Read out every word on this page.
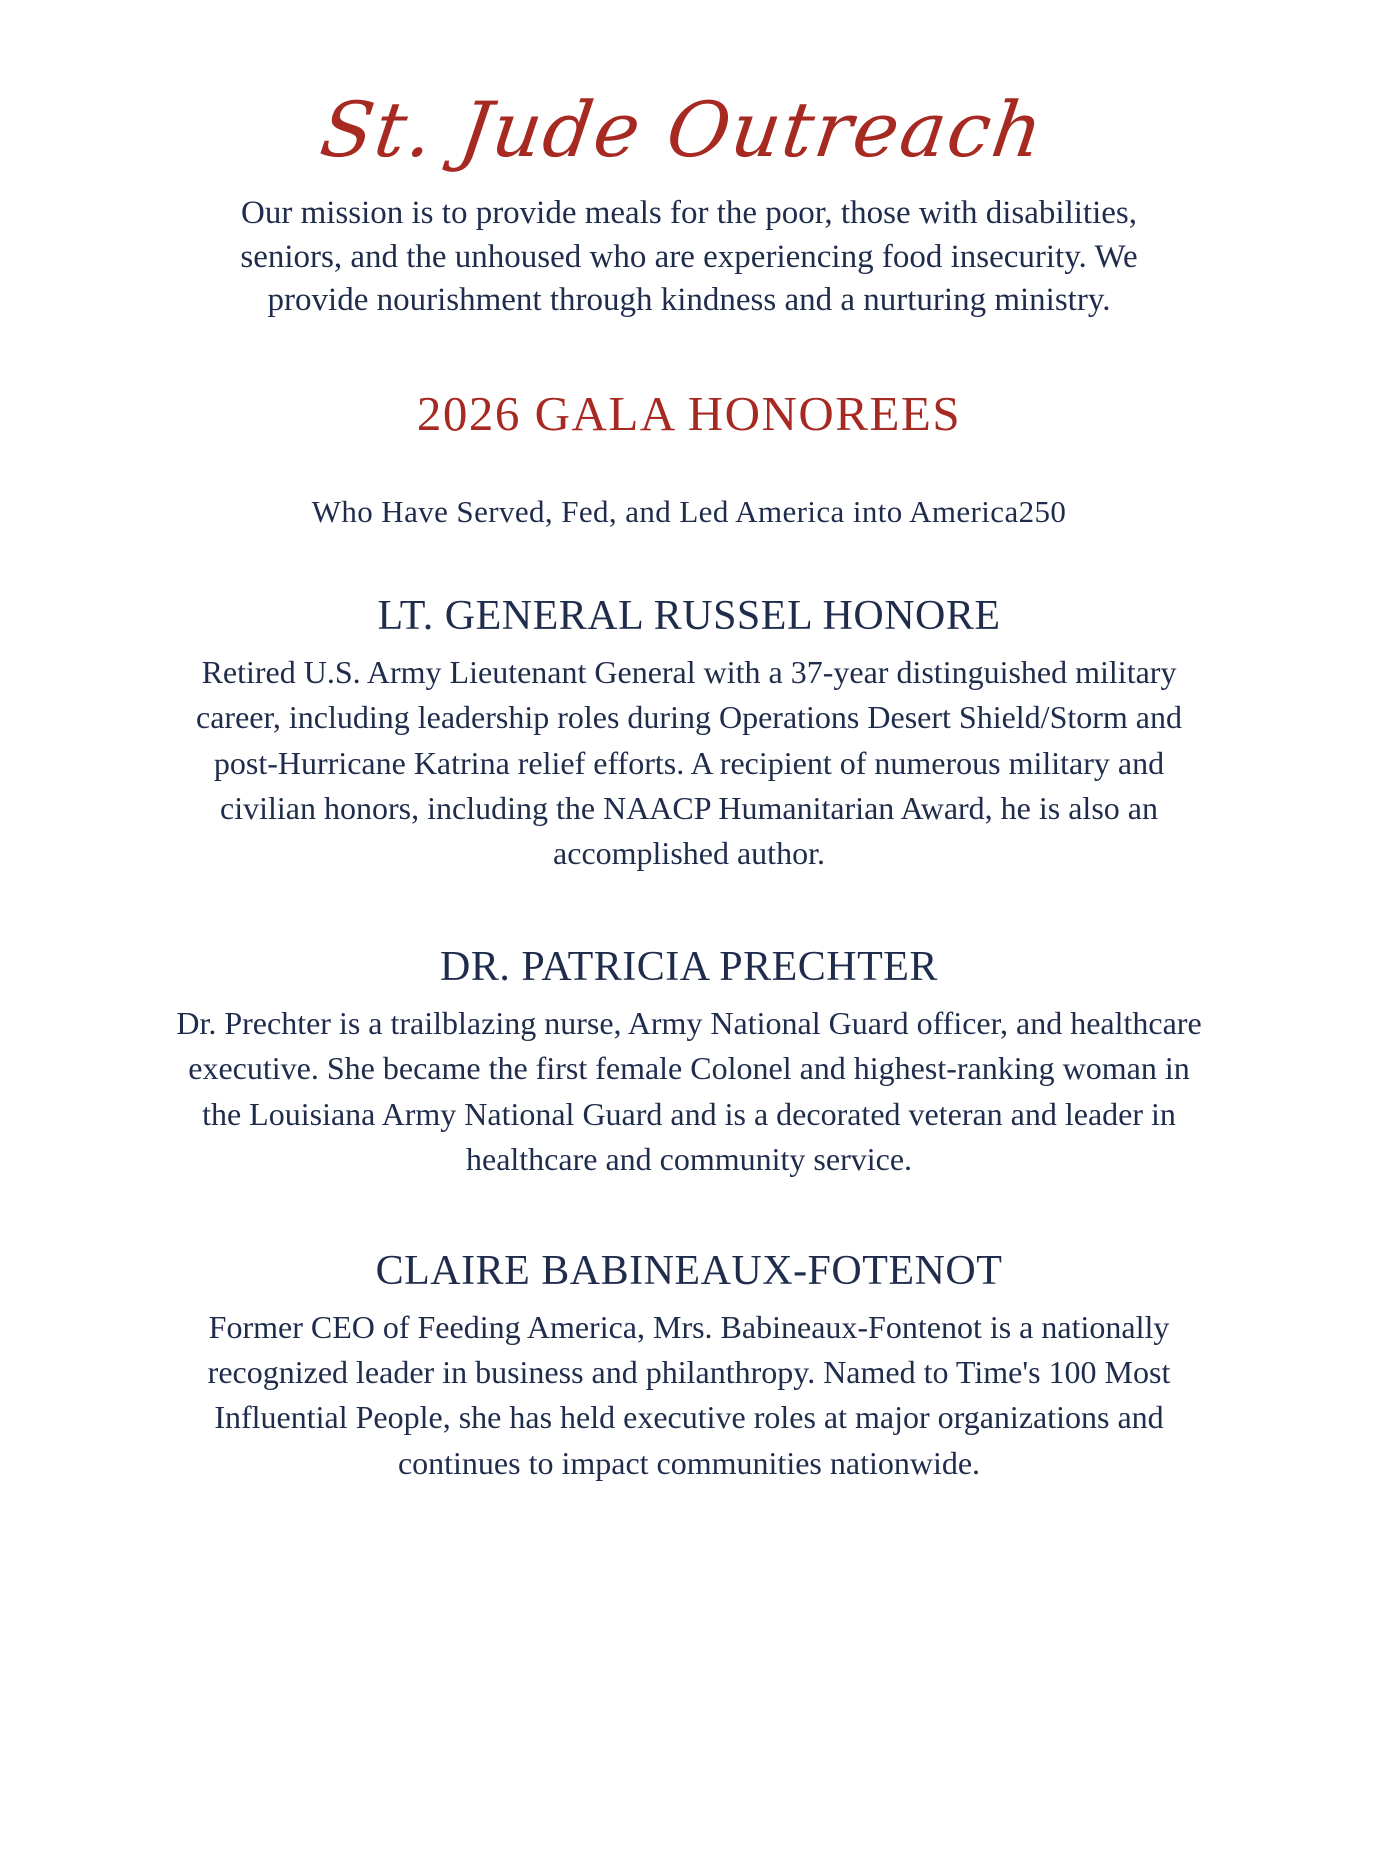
St. Jude Outreach

Our mission is to provide meals for the poor, those with disabilities, seniors, and the unhoused who are experiencing food insecurity. We provide nourishment through kindness and a nurturing ministry.

2026 GALA HONOREES

Who Have Served, Fed, and Led America into America250

LT. GENERAL RUSSEL HONORE

Retired U.S. Army Lieutenant General with a 37-year distinguished military career, including leadership roles during Operations Desert Shield/Storm and post-Hurricane Katrina relief efforts. A recipient of numerous military and civilian honors, including the NAACP Humanitarian Award, he is also an accomplished author.

DR. PATRICIA PRECHTER

Dr. Prechter is a trailblazing nurse, Army National Guard officer, and healthcare executive. She became the first female Colonel and highest-ranking woman in the Louisiana Army National Guard and is a decorated veteran and leader in healthcare and community service.

CLAIRE BABINEAUX-FOTENOT

Former CEO of Feeding America, Mrs. Babineaux-Fontenot is a nationally recognized leader in business and philanthropy. Named to Time's 100 Most Influential People, she has held executive roles at major organizations and continues to impact communities nationwide.
